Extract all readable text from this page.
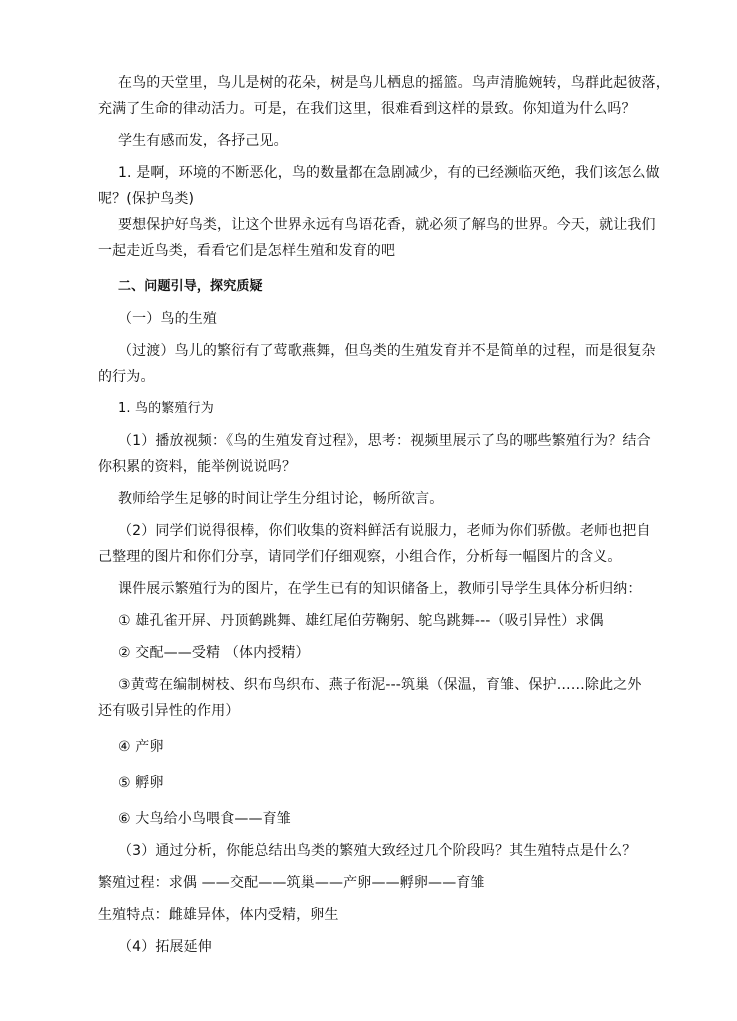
在鸟的天堂里，鸟儿是树的花朵，树是鸟儿栖息的摇篮。鸟声清脆婉转，鸟群此起彼落，
充满了生命的律动活力。可是，在我们这里，很难看到这样的景致。你知道为什么吗？
学生有感而发，各抒己见。
1. 是啊，环境的不断恶化，鸟的数量都在急剧减少，有的已经濒临灭绝，我们该怎么做
呢？(保护鸟类)
要想保护好鸟类，让这个世界永远有鸟语花香，就必须了解鸟的世界。今天，就让我们
一起走近鸟类，看看它们是怎样生殖和发育的吧
二、问题引导，探究质疑
（一）鸟的生殖
（过渡）鸟儿的繁衍有了莺歌燕舞，但鸟类的生殖发育并不是简单的过程，而是很复杂
的行为。
1. 鸟的繁殖行为
（1）播放视频：《鸟的生殖发育过程》，思考：视频里展示了鸟的哪些繁殖行为？结合
你积累的资料，能举例说说吗？
教师给学生足够的时间让学生分组讨论，畅所欲言。
（2）同学们说得很棒，你们收集的资料鲜活有说服力，老师为你们骄傲。老师也把自
己整理的图片和你们分享，请同学们仔细观察，小组合作，分析每一幅图片的含义。
课件展示繁殖行为的图片，在学生已有的知识储备上，教师引导学生具体分析归纳：
① 雄孔雀开屏、丹顶鹤跳舞、雄红尾伯劳鞠躬、鸵鸟跳舞---（吸引异性）求偶
② 交配——受精 （体内授精）
③黄莺在编制树枝、织布鸟织布、燕子衔泥---筑巢（保温，育雏、保护……除此之外
还有吸引异性的作用）
④ 产卵
⑤ 孵卵
⑥ 大鸟给小鸟喂食——育雏
（3）通过分析，你能总结出鸟类的繁殖大致经过几个阶段吗？其生殖特点是什么？
繁殖过程：求偶 ——交配——筑巢——产卵——孵卵——育雏
生殖特点：雌雄异体，体内受精，卵生
（4）拓展延伸
